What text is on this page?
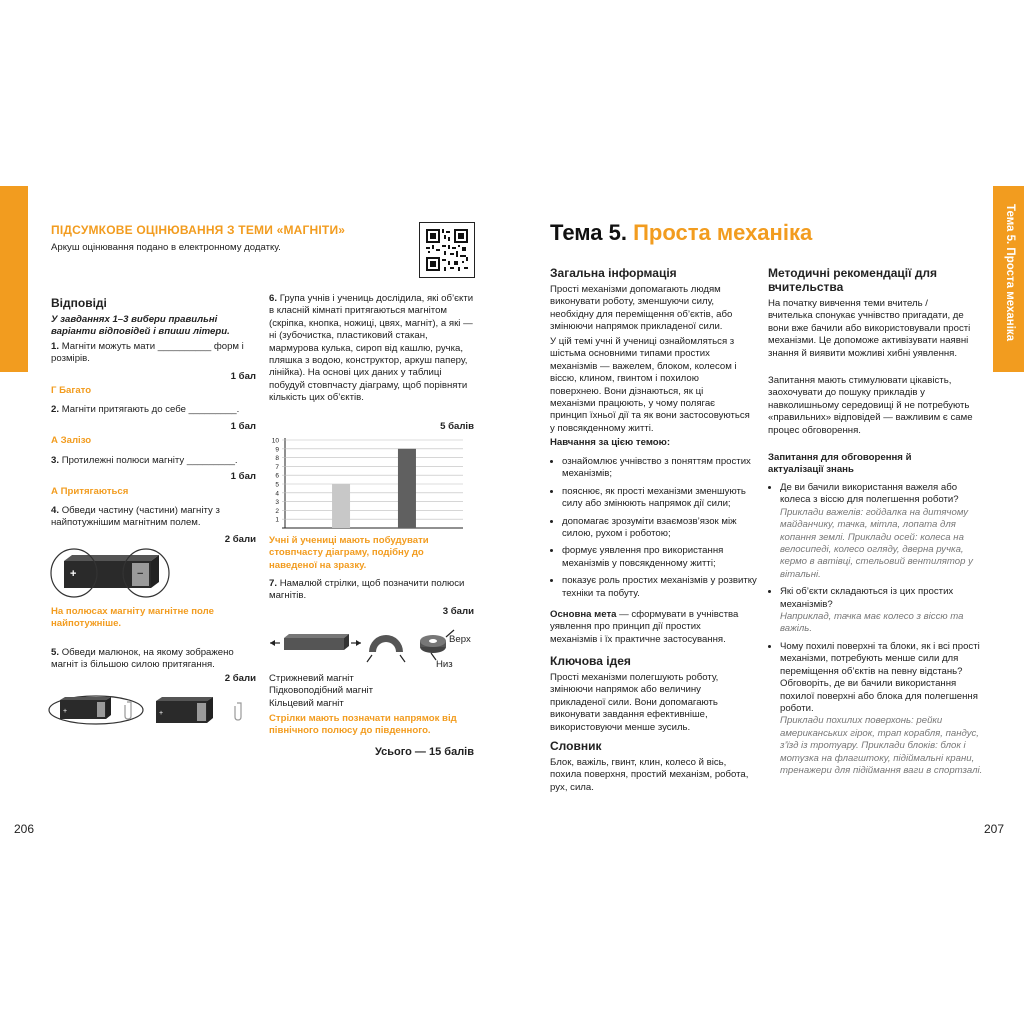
Фізична наука. Сила та рух
ПІДСУМКОВЕ ОЦІНЮВАННЯ З ТЕМИ «МАГНІТИ»
Аркуш оцінювання подано в електронному додатку.
Відповіді
У завданнях 1–3 вибери правильні варіанти відповідей і впиши літери.
1. Магніти можуть мати __________ форм і розмірів.
1 бал
Г Багато
2. Магніти притягають до себе _________.
1 бал
А Залізо
3. Протилежні полюси магніту _________.
1 бал
А Притягаються
4. Обведи частину (частини) магніту з найпотужнішим магнітним полем.
2 бали
+	−
На полюсах магніту магнітне поле найпотужніше.
5. Обведи малюнок, на якому зображено магніт із більшою силою притягання.
2 бали
+	+
6. Група учнів і учениць дослідила, які об’єкти в класній кімнаті притягаються магнітом (скріпка, кнопка, ножиці, цвях, магніт), а які — ні (зубочистка, пластиковий стакан, мармурова кулька, сироп від кашлю, ручка, пляшка з водою, конструктор, аркуш паперу, лінійка). На основі цих даних у таблиці побудуй стовпчасту діаграму, щоб порівняти кількість цих об’єктів.
5 балів
1
2
3
4
5
6
7
8
9
10
Учні й учениці мають побудувати стовпчасту діаграму, подібну до наведеної на зразку.
7. Намалюй стрілки, щоб позначити полюси магнітів.
3 бали
Верх
Низ
Стрижневий магніт
Підковоподібний магніт
Кільцевий магніт
Стрілки мають позначати напрямок від північного полюсу до південного.
Усього — 15 балів
206
Тема 5. Проста механіка
Тема 5. Проста механіка
Загальна інформація
Прості механізми допомагають людям виконувати роботу, зменшуючи силу, необхідну для переміщення об’єктів, або змінюючи напрямок прикладеної сили.
У цій темі учні й учениці ознайомляться з шістьма основними типами простих механізмів — важелем, блоком, колесом і віссю, клином, гвинтом і похилою поверхнею. Вони дізнаються, як ці механізми працюють, у чому полягає принцип їхньої дії та як вони застосовуються у повсякденному житті.
Навчання за цією темою:
• ознайомлює учнівство з поняттям простих механізмів;
• пояснює, як прості механізми зменшують силу або змінюють напрямок дії сили;
• допомагає зрозуміти взаємозв’язок між силою, рухом і роботою;
• формує уявлення про використання механізмів у повсякденному житті;
• показує роль простих механізмів у розвитку техніки та побуту.
Основна мета — сформувати в учнівства уявлення про принцип дії простих механізмів і їх практичне застосування.
Ключова ідея
Прості механізми полегшують роботу, змінюючи напрямок або величину прикладеної сили. Вони допомагають виконувати завдання ефективніше, використовуючи менше зусиль.
Словник
Блок, важіль, гвинт, клин, колесо й вісь, похила поверхня, простий механізм, робота, рух, сила.
Методичні рекомендації для вчительства
На початку вивчення теми вчитель / вчителька спонукає учнівство пригадати, де вони вже бачили або використовували прості механізми. Це допоможе активізувати наявні знання й виявити можливі хибні уявлення.
Запитання мають стимулювати цікавість, заохочувати до пошуку прикладів у навколишньому середовищі й не потребують «правильних» відповідей — важливим є саме процес обговорення.
Запитання для обговорення й актуалізації знань
• Де ви бачили використання важеля або колеса з віссю для полегшення роботи?
Приклади важелів: гойдалка на дитячому майданчику, тачка, мітла, лопата для копання землі. Приклади осей: колеса на велосипеді, колесо огляду, дверна ручка, кермо в автівці, стельовий вентилятор у вітальні.
• Які об’єкти складаються із цих простих механізмів?
Наприклад, тачка має колесо з віссю та важіль.
• Чому похилі поверхні та блоки, як і всі прості механізми, потребують менше сили для переміщення об’єктів на певну відстань? Обговоріть, де ви бачили використання похилої поверхні або блока для полегшення роботи.
Приклади похилих поверхонь: рейки американських гірок, трап корабля, пандус, з’їзд із тротуару. Приклади блоків: блок і мотузка на флагштоку, підіймальні крани, тренажери для підіймання ваги в спортзалі.
207
